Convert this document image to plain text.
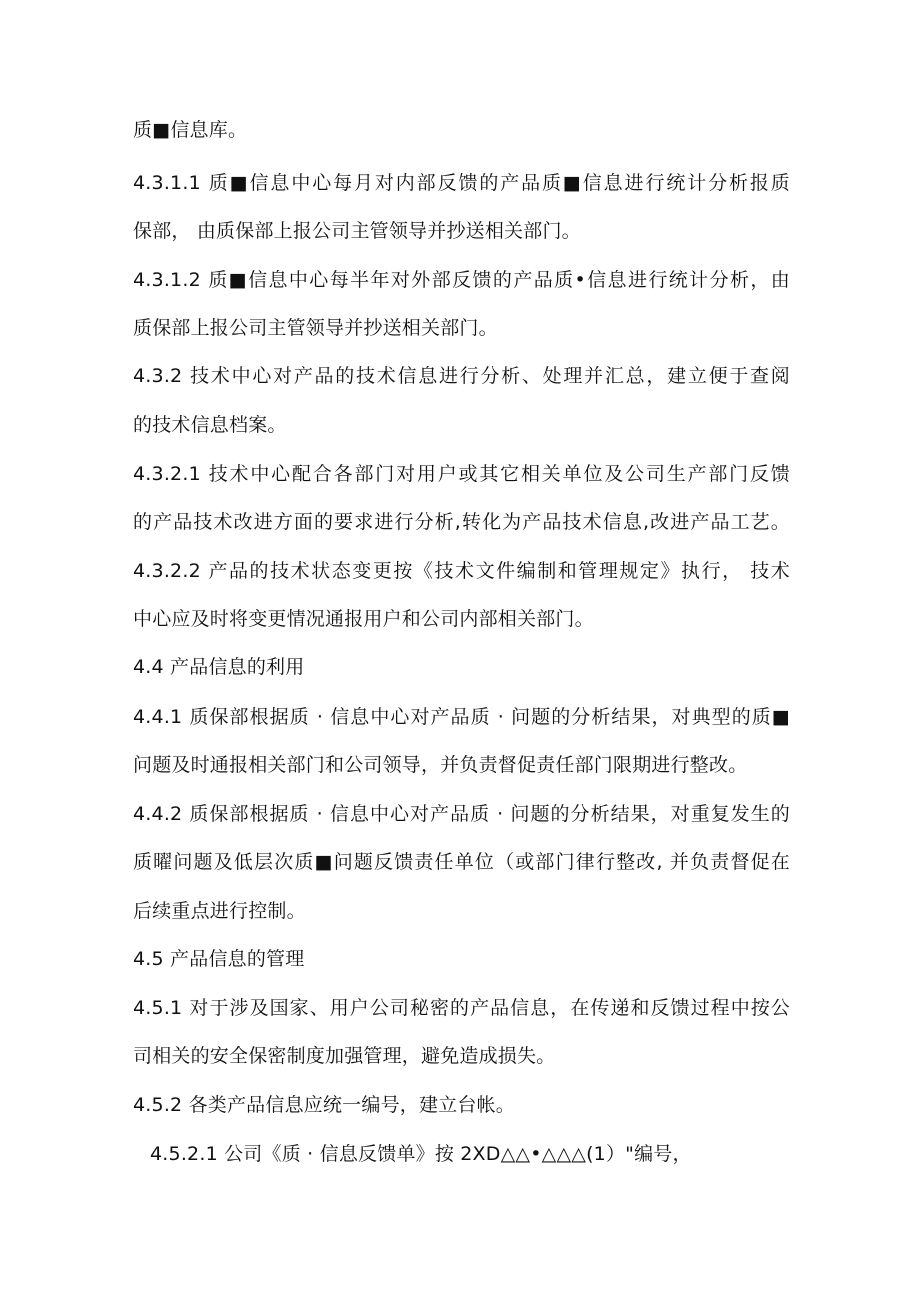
质■信息库。
4.3.1.1 质■信息中心每月对内部反馈的产品质■信息进行统计分析报质
保部， 由质保部上报公司主管领导并抄送相关部门。
4.3.1.2 质■信息中心每半年对外部反馈的产品质•信息进行统计分析，由
质保部上报公司主管领导并抄送相关部门。
4.3.2 技术中心对产品的技术信息进行分析、处理并汇总，建立便于查阅
的技术信息档案。
4.3.2.1 技术中心配合各部门对用户或其它相关单位及公司生产部门反馈
的产品技术改进方面的要求进行分析,转化为产品技术信息,改进产品工艺。
4.3.2.2 产品的技术状态变更按《技术文件编制和管理规定》执行， 技术
中心应及时将变更情况通报用户和公司内部相关部门。
4.4 产品信息的利用
4.4.1 质保部根据质 · 信息中心对产品质 · 问题的分析结果，对典型的质■
问题及时通报相关部门和公司领导，并负责督促责任部门限期进行整改。
4.4.2 质保部根据质 · 信息中心对产品质 · 问题的分析结果，对重复发生的
质曜问题及低层次质■问题反馈责任单位（或部门律行整改, 并负责督促在
后续重点进行控制。
4.5 产品信息的管理
4.5.1 对于涉及国家、用户公司秘密的产品信息，在传递和反馈过程中按公
司相关的安全保密制度加强管理，避免造成损失。
4.5.2 各类产品信息应统一编号，建立台帐。
4.5.2.1 公司《质 · 信息反馈单》按 2XD△△•△△△(1）"编号，
